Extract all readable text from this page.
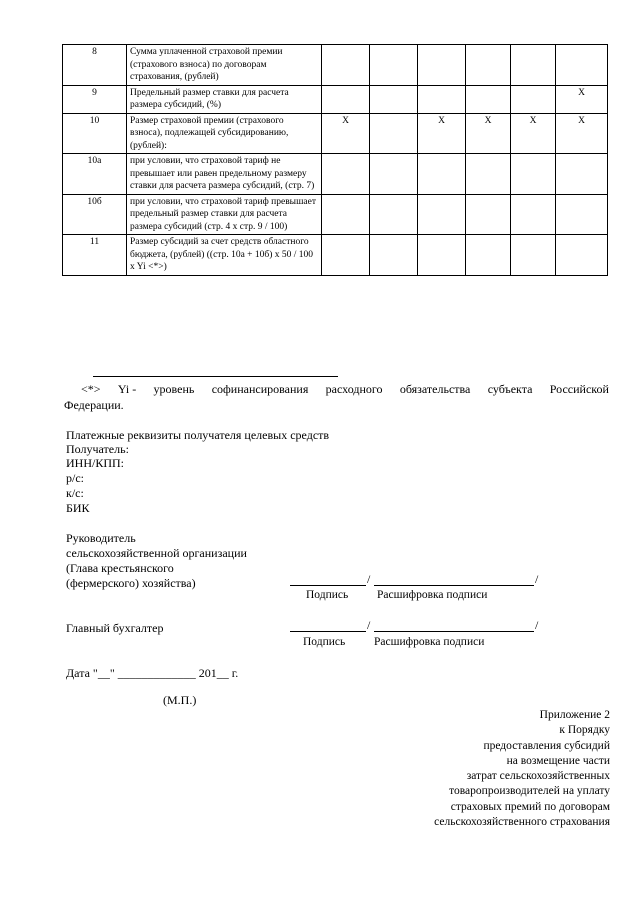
8	Сумма уплаченной страховой премии (страхового взноса) по договорам страхования, (рублей)						
9	Предельный размер ставки для расчета размера субсидий, (%)						X
10	Размер страховой премии (страхового взноса), подлежащей субсидированию, (рублей):	X		X	X	X	X
10а	при условии, что страховой тариф не превышает или равен предельному размеру ставки для расчета размера субсидий, (стр. 7)						
10б	при условии, что страховой тариф превышает предельный размер ставки для расчета размера субсидий (стр. 4 x стр. 9 / 100)						
11	Размер субсидий за счет средств областного бюджета, (рублей) ((стр. 10а + 10б) x 50 / 100 x Yi <*>)						
<*> Yi - уровень софинансирования расходного обязательства субъекта Российской
Федерации.
Платежные реквизиты получателя целевых средств
Получатель:
ИНН/КПП:
р/с:
к/с:
БИК
Руководитель
сельскохозяйственной организации
(Глава крестьянского
(фермерского) хозяйства)	/	/
Подпись	Расшифровка подписи
Главный бухгалтер	/	/
Подпись	Расшифровка подписи
Дата "__" _____________ 201__ г.
(М.П.)
Приложение 2
к Порядку
предоставления субсидий
на возмещение части
затрат сельскохозяйственных
товаропроизводителей на уплату
страховых премий по договорам
сельскохозяйственного страхования
